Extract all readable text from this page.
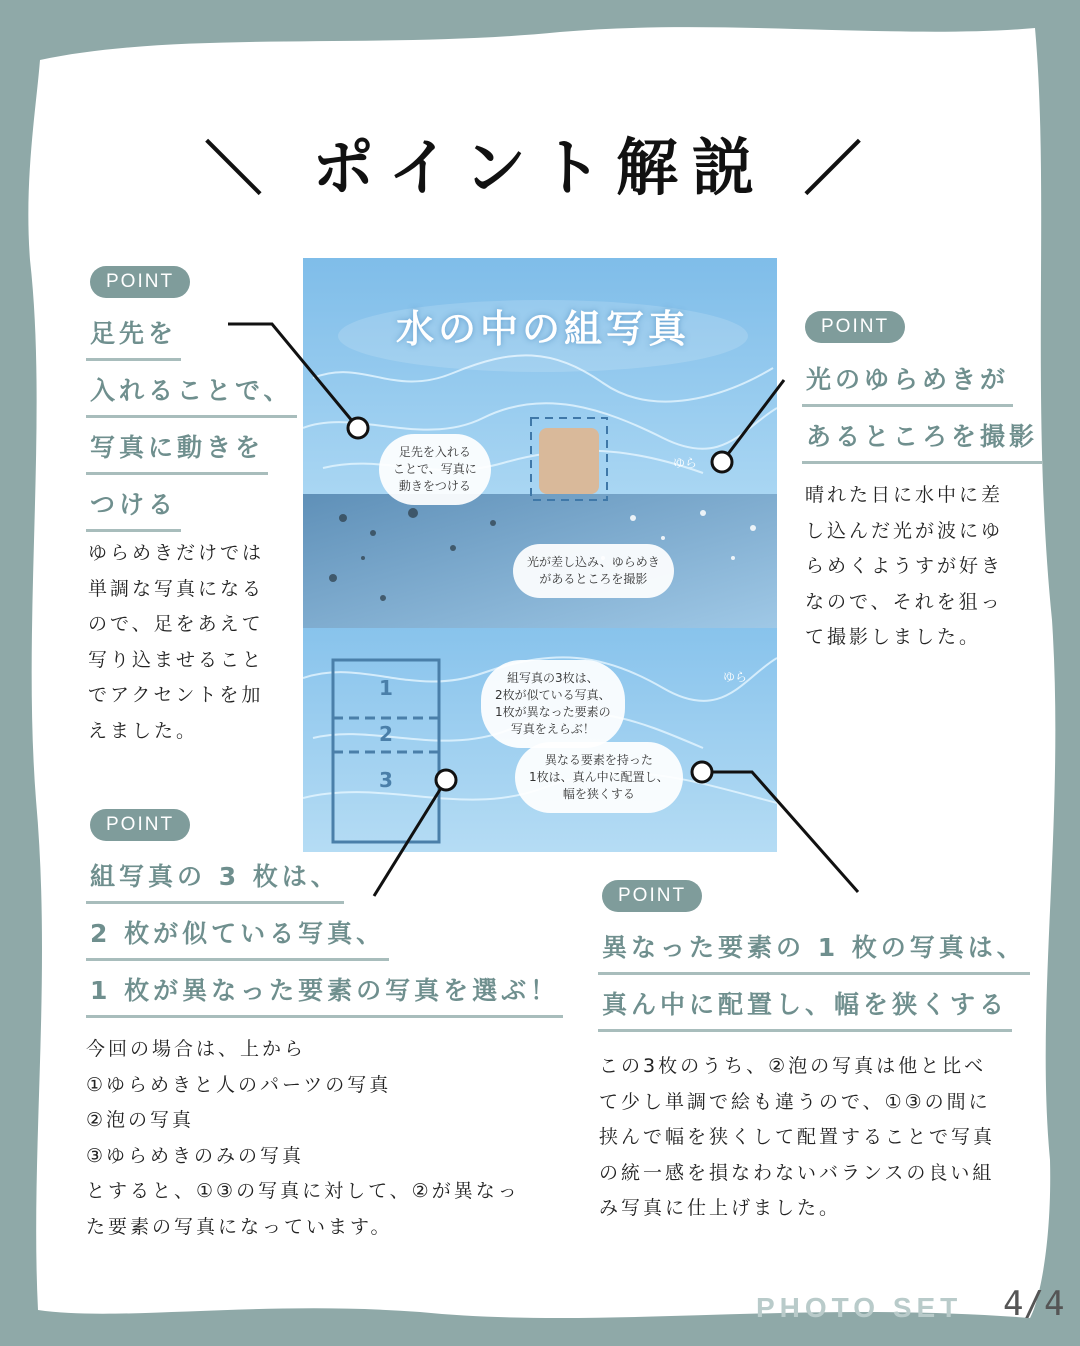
＼ ポイント解説 ／
水の中の組写真
1
2
3
ゆら
ゆら
足先を入れる
ことで、写真に
動きをつける
光が差し込み、ゆらめき
があるところを撮影
組写真の3枚は、
2枚が似ている写真、
1枚が異なった要素の
写真をえらぶ！
異なる要素を持った
1枚は、真ん中に配置し、
幅を狭くする
POINT
足先を
入れることで、
写真に動きを
つける
ゆらめきだけでは
単調な写真になる
ので、足をあえて
写り込ませること
でアクセントを加
えました。
POINT
光のゆらめきが
あるところを撮影
晴れた日に水中に差
し込んだ光が波にゆ
らめくようすが好き
なので、それを狙っ
て撮影しました。
POINT
組写真の 3 枚は、
2 枚が似ている写真、
1 枚が異なった要素の写真を選ぶ！
今回の場合は、上から
①ゆらめきと人のパーツの写真
②泡の写真
③ゆらめきのみの写真
とすると、①③の写真に対して、②が異なっ
た要素の写真になっています。
POINT
異なった要素の 1 枚の写真は、
真ん中に配置し、幅を狭くする
この3枚のうち、②泡の写真は他と比べ
て少し単調で絵も違うので、①③の間に
挟んで幅を狭くして配置することで写真
の統一感を損なわないバランスの良い組
み写真に仕上げました。
PHOTO SET 4/4
